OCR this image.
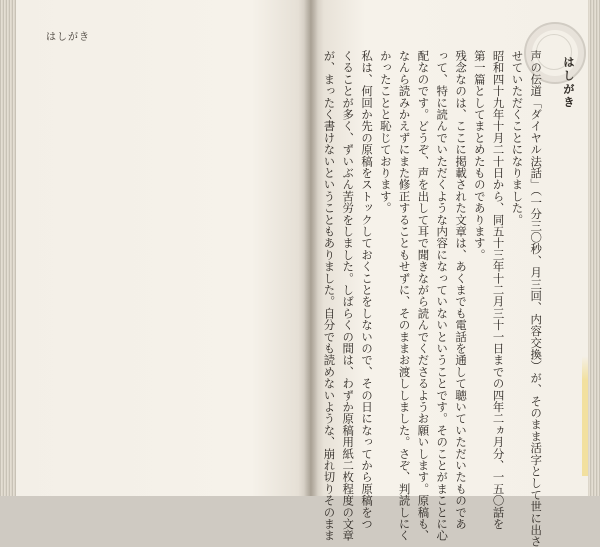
はしがき
はしがき
声の伝道「ダイヤル法話」（一分三〇秒、月三回、内容交換）が、そのまま活字として世に出さ
せていただくことになりました。
昭和四十九年十月二十日から、同五十三年十二月三十一日までの四年二ヵ月分、一五〇話を
第一篇としてまとめたものであります。
残念なのは、ここに掲載された文章は、あくまでも電話を通して聴いていただいたものであ
って、特に読んでいただくような内容になっていないということです。そのことがまことに心
配なのです。どうぞ、声を出して耳で聞きながら読んでくださるようお願いします。原稿も、
なんら読みかえずにまた修正することもせずに、そのままお渡ししました。さぞ、判読しにく
かったことと恥じております。
私は、何回か先の原稿をストックしておくことをしないので、その日になってから原稿をつ
くることが多く、ずいぶん苦労をしました。しばらくの間は、わずか原稿用紙二枚程度の文章
が、まったく書けないということもありました。自分でも読めないような、崩れ切りそのまま
